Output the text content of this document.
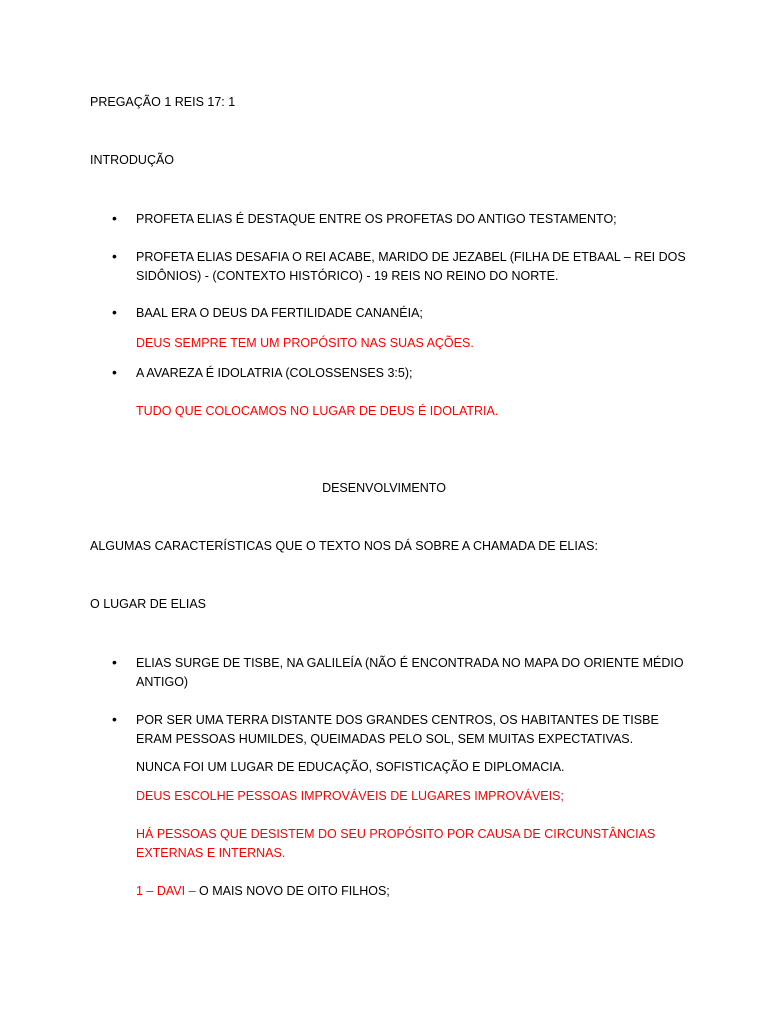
PREGAÇÃO 1 REIS 17: 1
INTRODUÇÃO
• PROFETA ELIAS É DESTAQUE ENTRE OS PROFETAS DO ANTIGO TESTAMENTO;
• PROFETA ELIAS DESAFIA O REI ACABE, MARIDO DE JEZABEL (FILHA DE ETBAAL – REI DOS SIDÔNIOS) - (CONTEXTO HISTÓRICO) - 19 REIS NO REINO DO NORTE.
• BAAL ERA O DEUS DA FERTILIDADE CANANÉIA;
DEUS SEMPRE TEM UM PROPÓSITO NAS SUAS AÇÕES.
• A AVAREZA É IDOLATRIA (COLOSSENSES 3:5);
TUDO QUE COLOCAMOS NO LUGAR DE DEUS É IDOLATRIA.
DESENVOLVIMENTO
ALGUMAS CARACTERÍSTICAS QUE O TEXTO NOS DÁ SOBRE A CHAMADA DE ELIAS:
O LUGAR DE ELIAS
• ELIAS SURGE DE TISBE, NA GALILEÍA (NÃO É ENCONTRADA NO MAPA DO ORIENTE MÉDIO ANTIGO)
• POR SER UMA TERRA DISTANTE DOS GRANDES CENTROS, OS HABITANTES DE TISBE ERAM PESSOAS HUMILDES, QUEIMADAS PELO SOL, SEM MUITAS EXPECTATIVAS.
NUNCA FOI UM LUGAR DE EDUCAÇÃO, SOFISTICAÇÃO E DIPLOMACIA.
DEUS ESCOLHE PESSOAS IMPROVÁVEIS DE LUGARES IMPROVÁVEIS;
HÁ PESSOAS QUE DESISTEM DO SEU PROPÓSITO POR CAUSA DE CIRCUNSTÂNCIAS EXTERNAS E INTERNAS.
1 – DAVI – O MAIS NOVO DE OITO FILHOS;
